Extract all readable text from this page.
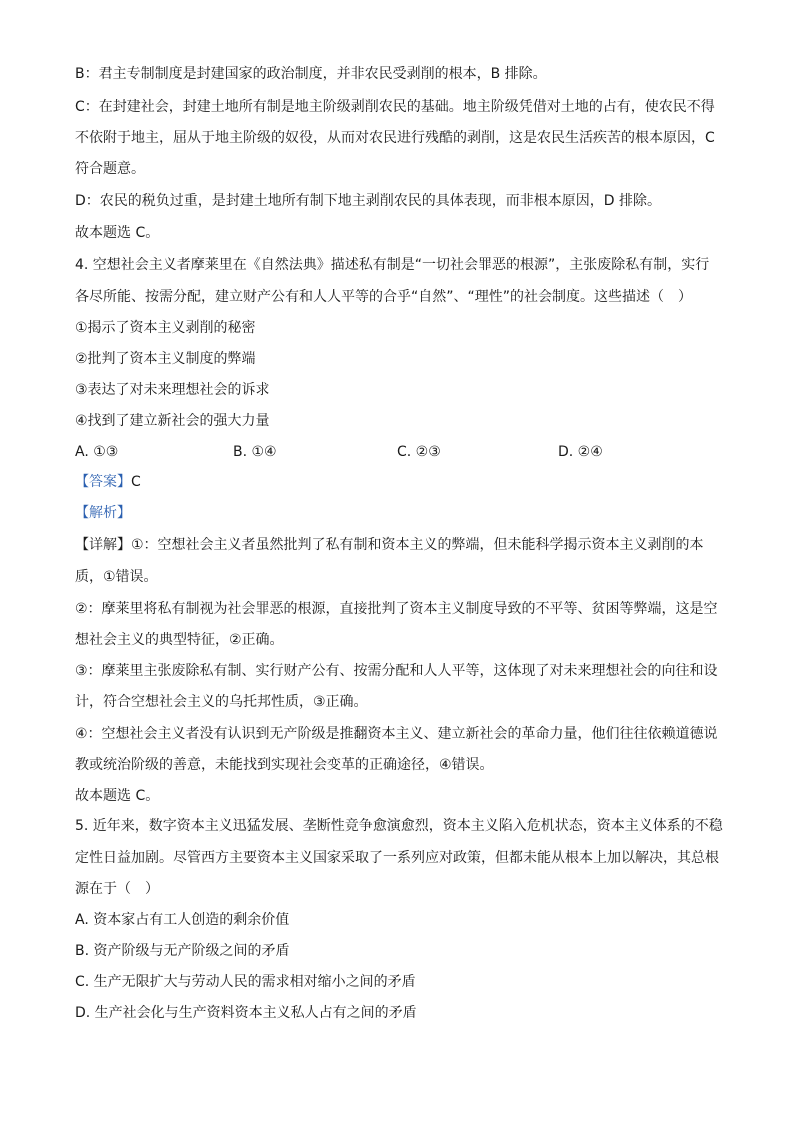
B：君主专制制度是封建国家的政治制度，并非农民受剥削的根本，B 排除。
C：在封建社会，封建土地所有制是地主阶级剥削农民的基础。地主阶级凭借对土地的占有，使农民不得
不依附于地主，屈从于地主阶级的奴役，从而对农民进行残酷的剥削，这是农民生活疾苦的根本原因，C
符合题意。
D：农民的税负过重，是封建土地所有制下地主剥削农民的具体表现，而非根本原因，D 排除。
故本题选 C。
4. 空想社会主义者摩莱里在《自然法典》描述私有制是“一切社会罪恶的根源”，主张废除私有制，实行
各尽所能、按需分配，建立财产公有和人人平等的合乎“自然”、“理性”的社会制度。这些描述（　）
①揭示了资本主义剥削的秘密
②批判了资本主义制度的弊端
③表达了对未来理想社会的诉求
④找到了建立新社会的强大力量
A. ①③	B. ①④	C. ②③	D. ②④
【答案】C
【解析】
【详解】①：空想社会主义者虽然批判了私有制和资本主义的弊端，但未能科学揭示资本主义剥削的本
质，①错误。
②：摩莱里将私有制视为社会罪恶的根源，直接批判了资本主义制度导致的不平等、贫困等弊端，这是空
想社会主义的典型特征，②正确。
③：摩莱里主张废除私有制、实行财产公有、按需分配和人人平等，这体现了对未来理想社会的向往和设
计，符合空想社会主义的乌托邦性质，③正确。
④：空想社会主义者没有认识到无产阶级是推翻资本主义、建立新社会的革命力量，他们往往依赖道德说
教或统治阶级的善意，未能找到实现社会变革的正确途径，④错误。
故本题选 C。
5. 近年来，数字资本主义迅猛发展、垄断性竞争愈演愈烈，资本主义陷入危机状态，资本主义体系的不稳
定性日益加剧。尽管西方主要资本主义国家采取了一系列应对政策，但都未能从根本上加以解决，其总根
源在于（　）
A. 资本家占有工人创造的剩余价值
B. 资产阶级与无产阶级之间的矛盾
C. 生产无限扩大与劳动人民的需求相对缩小之间的矛盾
D. 生产社会化与生产资料资本主义私人占有之间的矛盾
